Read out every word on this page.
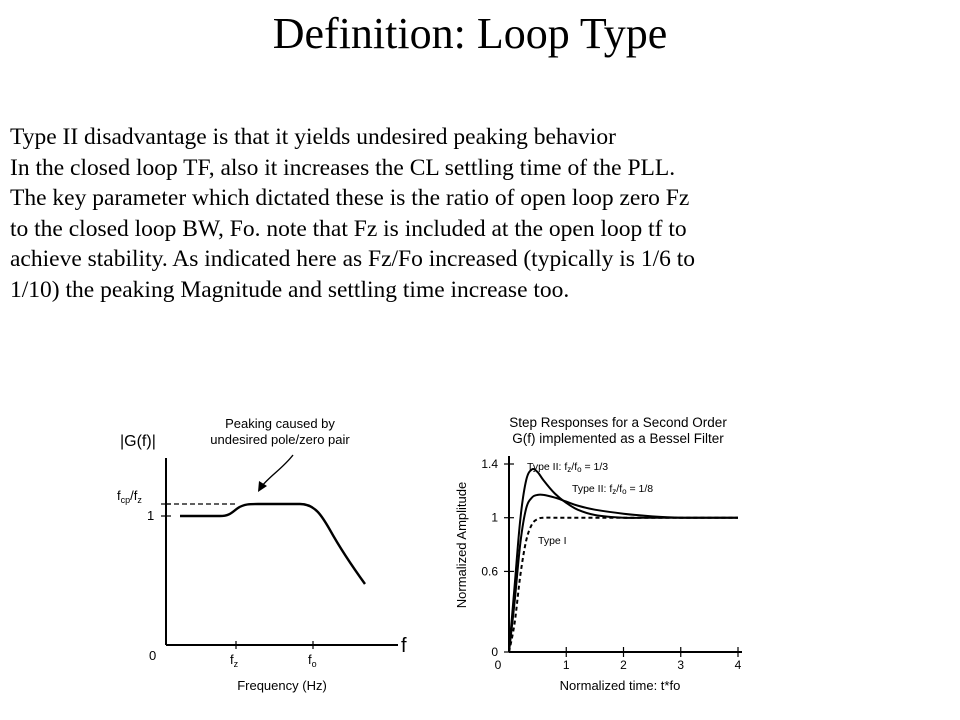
Definition: Loop Type
Type II disadvantage is that it yields undesired peaking behavior
In the closed loop TF, also it increases the CL settling time of the PLL.
The key parameter which dictated these is the ratio of open loop zero Fz
to the closed loop BW, Fo. note that Fz is included at the open loop tf to
achieve stability. As indicated here as Fz/Fo increased (typically is 1/6 to
1/10) the peaking Magnitude and settling time increase too.
|G(f)|
Peaking caused by
undesired pole/zero pair
$f_{cp}/f_z$
1
0	f
$f_z$	$f_o$
Frequency (Hz)
Step Responses for a Second Order
G(f) implemented as a Bessel Filter
Normalized Amplitude
Normalized time: t*fo
0
0.6
1
1.4
0	1	2	3	4
Type II: fz/fo = 1/3
Type II: fz/fo = 1/8
Type I
